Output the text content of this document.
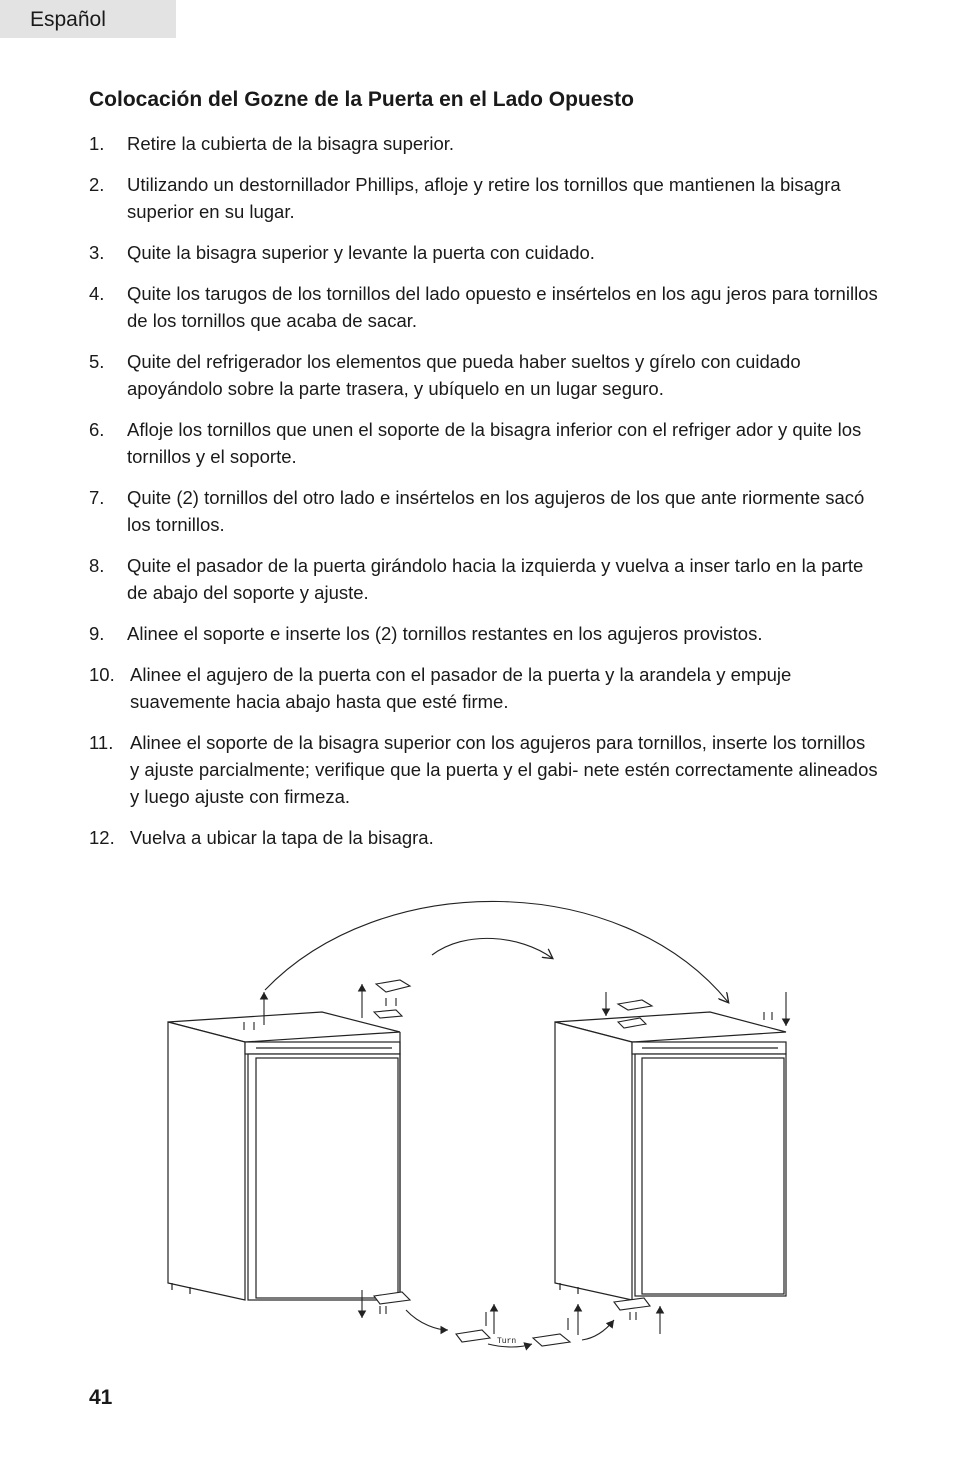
Español
Colocación del Gozne de la Puerta en el Lado Opuesto
1.	Retire la cubierta de la bisagra superior.
2.	Utilizando un destornillador Phillips, afloje y retire los tornillos que mantienen la bisagra superior en su lugar.
3.	Quite la bisagra superior y levante la puerta con cuidado.
4.	Quite los tarugos de los tornillos del lado opuesto e insértelos en los agu jeros para tornillos de los tornillos que acaba de sacar.
5.	Quite del refrigerador los elementos que pueda haber sueltos y gírelo con cuidado apoyándolo sobre la parte trasera, y ubíquelo en un lugar seguro.
6.	Afloje los tornillos que unen el soporte de la bisagra inferior con el refriger ador y quite los tornillos y el soporte.
7.	Quite (2) tornillos del otro lado e insértelos en los agujeros de los que ante riormente sacó los tornillos.
8.	Quite el pasador de la puerta girándolo hacia la izquierda y vuelva a inser tarlo en la parte de abajo del soporte y ajuste.
9.	Alinee el soporte e inserte los (2) tornillos restantes en los agujeros provistos.
10. Alinee el agujero de la puerta con el pasador de la puerta y la arandela y empuje suavemente hacia abajo hasta que esté firme.
11. Alinee el soporte de la bisagra superior con los agujeros para tornillos, inserte los tornillos y ajuste parcialmente; verifique que la puerta y el gabi- nete estén correctamente alineados y luego ajuste con firmeza.
12. Vuelva a ubicar la tapa de la bisagra.
Turn
41
